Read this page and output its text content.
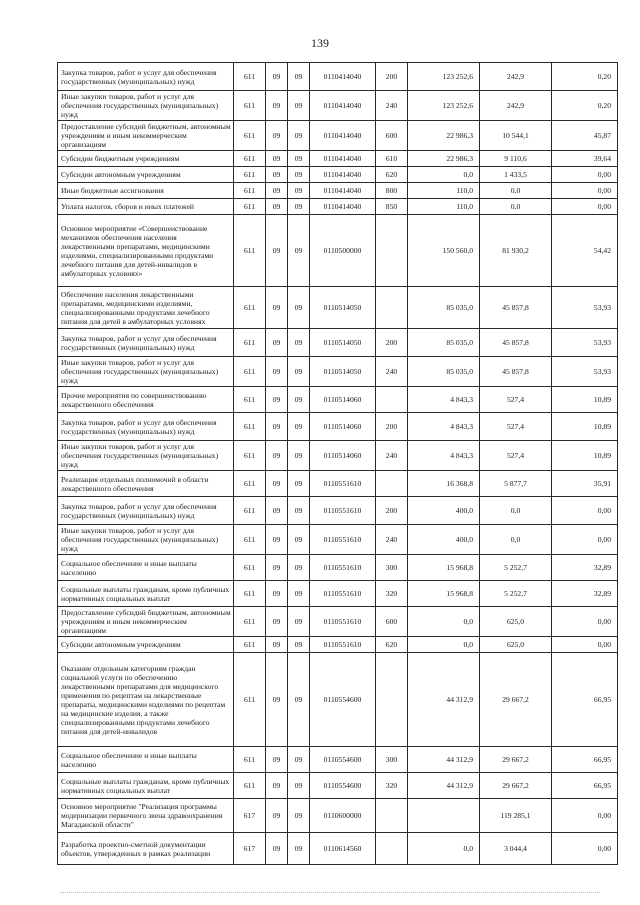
139
Закупка товаров, работ и услуг для обеспечения государственных (муниципальных) нужд	611	09	09	0110414040	200	123 252,6	242,9	0,20
Иные закупки товаров, работ и услуг для обеспечения государственных (муниципальных) нужд	611	09	09	0110414040	240	123 252,6	242,9	0,20
Предоставление субсидий бюджетным, автономным учреждениям и иным некоммерческим организациям	611	09	09	0110414040	600	22 986,3	10 544,1	45,87
Субсидии бюджетным учреждениям	611	09	09	0110414040	610	22 986,3	9 110,6	39,64
Субсидии автономным учреждениям	611	09	09	0110414040	620	0,0	1 433,5	0,00
Иные бюджетные ассигнования	611	09	09	0110414040	800	110,0	0,0	0,00
Уплата налогов, сборов и иных платежей	611	09	09	0110414040	850	110,0	0,0	0,00
Основное мероприятие «Совершенствование механизмов обеспечения населения лекарственными препаратами, медицинскими изделиями, специализированными продуктами лечебного питания для детей-инвалидов в амбулаторных условиях»	611	09	09	0110500000		150 560,0	81 930,2	54,42
Обеспечение населения лекарственными препаратами, медицинскими изделиями, специализированными продуктами лечебного питания для детей в амбулаторных условиях	611	09	09	0110514050		85 035,0	45 857,8	53,93
Закупка товаров, работ и услуг для обеспечения государственных (муниципальных) нужд	611	09	09	0110514050	200	85 035,0	45 857,8	53,93
Иные закупки товаров, работ и услуг для обеспечения государственных (муниципальных) нужд	611	09	09	0110514050	240	85 035,0	45 857,8	53,93
Прочие мероприятия по совершенствованию лекарственного обеспечения	611	09	09	0110514060		4 843,3	527,4	10,89
Закупка товаров, работ и услуг для обеспечения государственных (муниципальных) нужд	611	09	09	0110514060	200	4 843,3	527,4	10,89
Иные закупки товаров, работ и услуг для обеспечения государственных (муниципальных) нужд	611	09	09	0110514060	240	4 843,3	527,4	10,89
Реализация отдельных полномочий в области лекарственного обеспечения	611	09	09	0110551610		16 368,8	5 877,7	35,91
Закупка товаров, работ и услуг для обеспечения государственных (муниципальных) нужд	611	09	09	0110551610	200	400,0	0,0	0,00
Иные закупки товаров, работ и услуг для обеспечения государственных (муниципальных) нужд	611	09	09	0110551610	240	400,0	0,0	0,00
Социальное обеспечение и иные выплаты населению	611	09	09	0110551610	300	15 968,8	5 252,7	32,89
Социальные выплаты гражданам, кроме публичных нормативных социальных выплат	611	09	09	0110551610	320	15 968,8	5 252,7	32,89
Предоставление субсидий бюджетным, автономным учреждениям и иным некоммерческим организациям	611	09	09	0110551610	600	0,0	625,0	0,00
Субсидии автономным учреждениям	611	09	09	0110551610	620	0,0	625,0	0,00
Оказание отдельным категориям граждан социальной услуги по обеспечению лекарственными препаратами для медицинского применения по рецептам на лекарственные препараты, медицинскими изделиями по рецептам на медицинские изделия, а также специализированными продуктами лечебного питания для детей-инвалидов	611	09	09	0110554600		44 312,9	29 667,2	66,95
Социальное обеспечение и иные выплаты населению	611	09	09	0110554600	300	44 312,9	29 667,2	66,95
Социальные выплаты гражданам, кроме публичных нормативных социальных выплат	611	09	09	0110554600	320	44 312,9	29 667,2	66,95
Основное мероприятие "Реализация программы модернизации первичного звена здравоохранения Магаданской области"	617	09	09	0110600000			119 285,1	0,00
Разработка проектно-сметной документации объектов, утвержденных в рамках реализации	617	09	09	0110614560		0,0	3 044,4	0,00
